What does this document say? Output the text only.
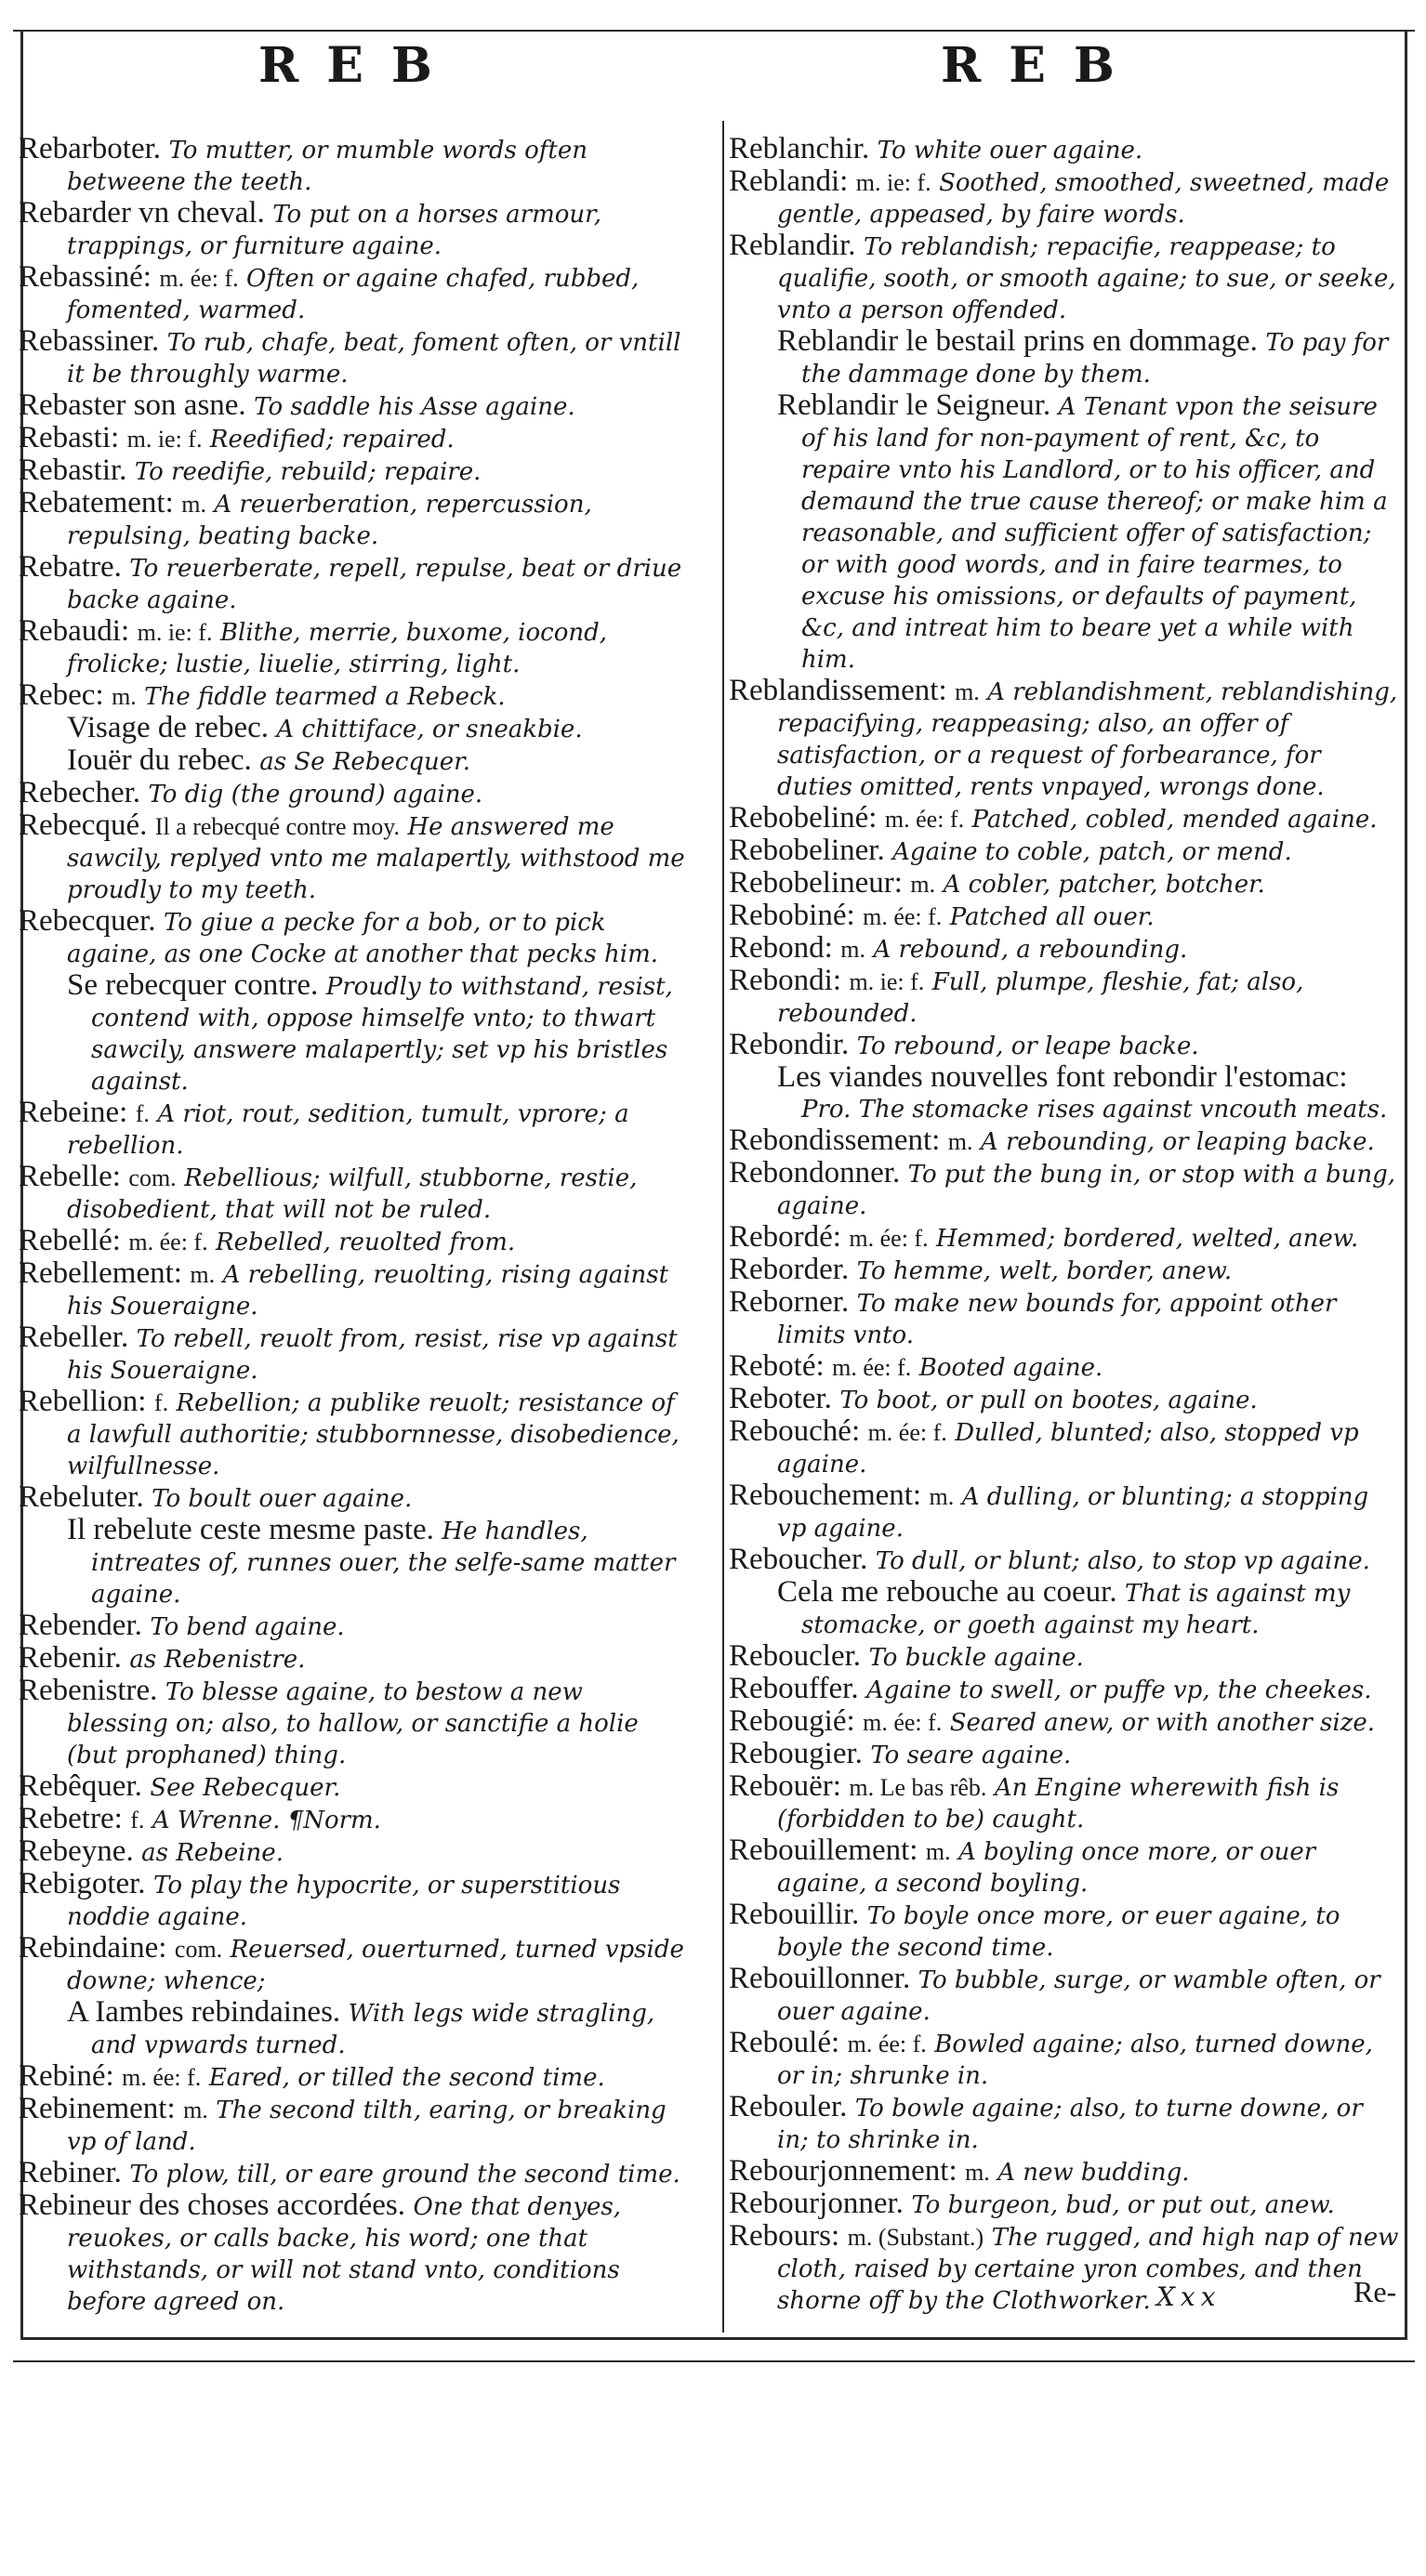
REB	REB
Rebarboter. To mutter, or mumble words often betweene the teeth.
Rebarder vn cheval. To put on a horses armour, trappings, or furniture againe.
Rebassiné: m. ée: f. Often or againe chafed, rubbed, fomented, warmed.
Rebassiner. To rub, chafe, beat, foment often, or vntill it be throughly warme.
Rebaster son asne. To saddle his Asse againe.
Rebasti: m. ie: f. Reedified; repaired.
Rebastir. To reedifie, rebuild; repaire.
Rebatement: m. A reuerberation, repercussion, repulsing, beating backe.
Rebatre. To reuerberate, repell, repulse, beat or driue backe againe.
Rebaudi: m. ie: f. Blithe, merrie, buxome, iocond, frolicke; lustie, liuelie, stirring, light.
Rebec: m. The fiddle tearmed a Rebeck.
Visage de rebec. A chittiface, or sneakbie.
Iouër du rebec. as Se Rebecquer.
Rebecher. To dig (the ground) againe.
Rebecqué. Il a rebecqué contre moy. He answered me sawcily, replyed vnto me malapertly, withstood me proudly to my teeth.
Rebecquer. To giue a pecke for a bob, or to pick againe, as one Cocke at another that pecks him.
Se rebecquer contre. Proudly to withstand, resist, contend with, oppose himselfe vnto; to thwart sawcily, answere malapertly; set vp his bristles against.
Rebeine: f. A riot, rout, sedition, tumult, vprore; a rebellion.
Rebelle: com. Rebellious; wilfull, stubborne, restie, disobedient, that will not be ruled.
Rebellé: m. ée: f. Rebelled, reuolted from.
Rebellement: m. A rebelling, reuolting, rising against his Soueraigne.
Rebeller. To rebell, reuolt from, resist, rise vp against his Soueraigne.
Rebellion: f. Rebellion; a publike reuolt; resistance of a lawfull authoritie; stubbornnesse, disobedience, wilfullnesse.
Rebeluter. To boult ouer againe.
Il rebelute ceste mesme paste. He handles, intreates of, runnes ouer, the selfe-same matter againe.
Rebender. To bend againe.
Rebenir. as Rebenistre.
Rebenistre. To blesse againe, to bestow a new blessing on; also, to hallow, or sanctifie a holie (but prophaned) thing.
Rebêquer. See Rebecquer.
Rebetre: f. A Wrenne. ¶Norm.
Rebeyne. as Rebeine.
Rebigoter. To play the hypocrite, or superstitious noddie againe.
Rebindaine: com. Reuersed, ouerturned, turned vpside downe; whence;
A Iambes rebindaines. With legs wide stragling, and vpwards turned.
Rebiné: m. ée: f. Eared, or tilled the second time.
Rebinement: m. The second tilth, earing, or breaking vp of land.
Rebiner. To plow, till, or eare ground the second time.
Rebineur des choses accordées. One that denyes, reuokes, or calls backe, his word; one that withstands, or will not stand vnto, conditions before agreed on.
Reblanchir. To white ouer againe.
Reblandi: m. ie: f. Soothed, smoothed, sweetned, made gentle, appeased, by faire words.
Reblandir. To reblandish; repacifie, reappease; to qualifie, sooth, or smooth againe; to sue, or seeke, vnto a person offended.
Reblandir le bestail prins en dommage. To pay for the dammage done by them.
Reblandir le Seigneur. A Tenant vpon the seisure of his land for non-payment of rent, &c, to repaire vnto his Landlord, or to his officer, and demaund the true cause thereof; or make him a reasonable, and sufficient offer of satisfaction; or with good words, and in faire tearmes, to excuse his omissions, or defaults of payment, &c, and intreat him to beare yet a while with him.
Reblandissement: m. A reblandishment, reblandishing, repacifying, reappeasing; also, an offer of satisfaction, or a request of forbearance, for duties omitted, rents vnpayed, wrongs done.
Rebobeliné: m. ée: f. Patched, cobled, mended againe.
Rebobeliner. Againe to coble, patch, or mend.
Rebobelineur: m. A cobler, patcher, botcher.
Rebobiné: m. ée: f. Patched all ouer.
Rebond: m. A rebound, a rebounding.
Rebondi: m. ie: f. Full, plumpe, fleshie, fat; also, rebounded.
Rebondir. To rebound, or leape backe.
Les viandes nouvelles font rebondir l'estomac: Pro. The stomacke rises against vncouth meats.
Rebondissement: m. A rebounding, or leaping backe.
Rebondonner. To put the bung in, or stop with a bung, againe.
Rebordé: m. ée: f. Hemmed; bordered, welted, anew.
Reborder. To hemme, welt, border, anew.
Reborner. To make new bounds for, appoint other limits vnto.
Reboté: m. ée: f. Booted againe.
Reboter. To boot, or pull on bootes, againe.
Rebouché: m. ée: f. Dulled, blunted; also, stopped vp againe.
Rebouchement: m. A dulling, or blunting; a stopping vp againe.
Reboucher. To dull, or blunt; also, to stop vp againe.
Cela me rebouche au coeur. That is against my stomacke, or goeth against my heart.
Reboucler. To buckle againe.
Rebouffer. Againe to swell, or puffe vp, the cheekes.
Rebougié: m. ée: f. Seared anew, or with another size.
Rebougier. To seare againe.
Rebouër: m. Le bas rêb. An Engine wherewith fish is (forbidden to be) caught.
Rebouillement: m. A boyling once more, or ouer againe, a second boyling.
Rebouillir. To boyle once more, or euer againe, to boyle the second time.
Rebouillonner. To bubble, surge, or wamble often, or ouer againe.
Reboulé: m. ée: f. Bowled againe; also, turned downe, or in; shrunke in.
Rebouler. To bowle againe; also, to turne downe, or in; to shrinke in.
Rebourjonnement: m. A new budding.
Rebourjonner. To burgeon, bud, or put out, anew.
Rebours: m. (Substant.) The rugged, and high nap of new cloth, raised by certaine yron combes, and then shorne off by the Clothworker. Xxx	Re-
